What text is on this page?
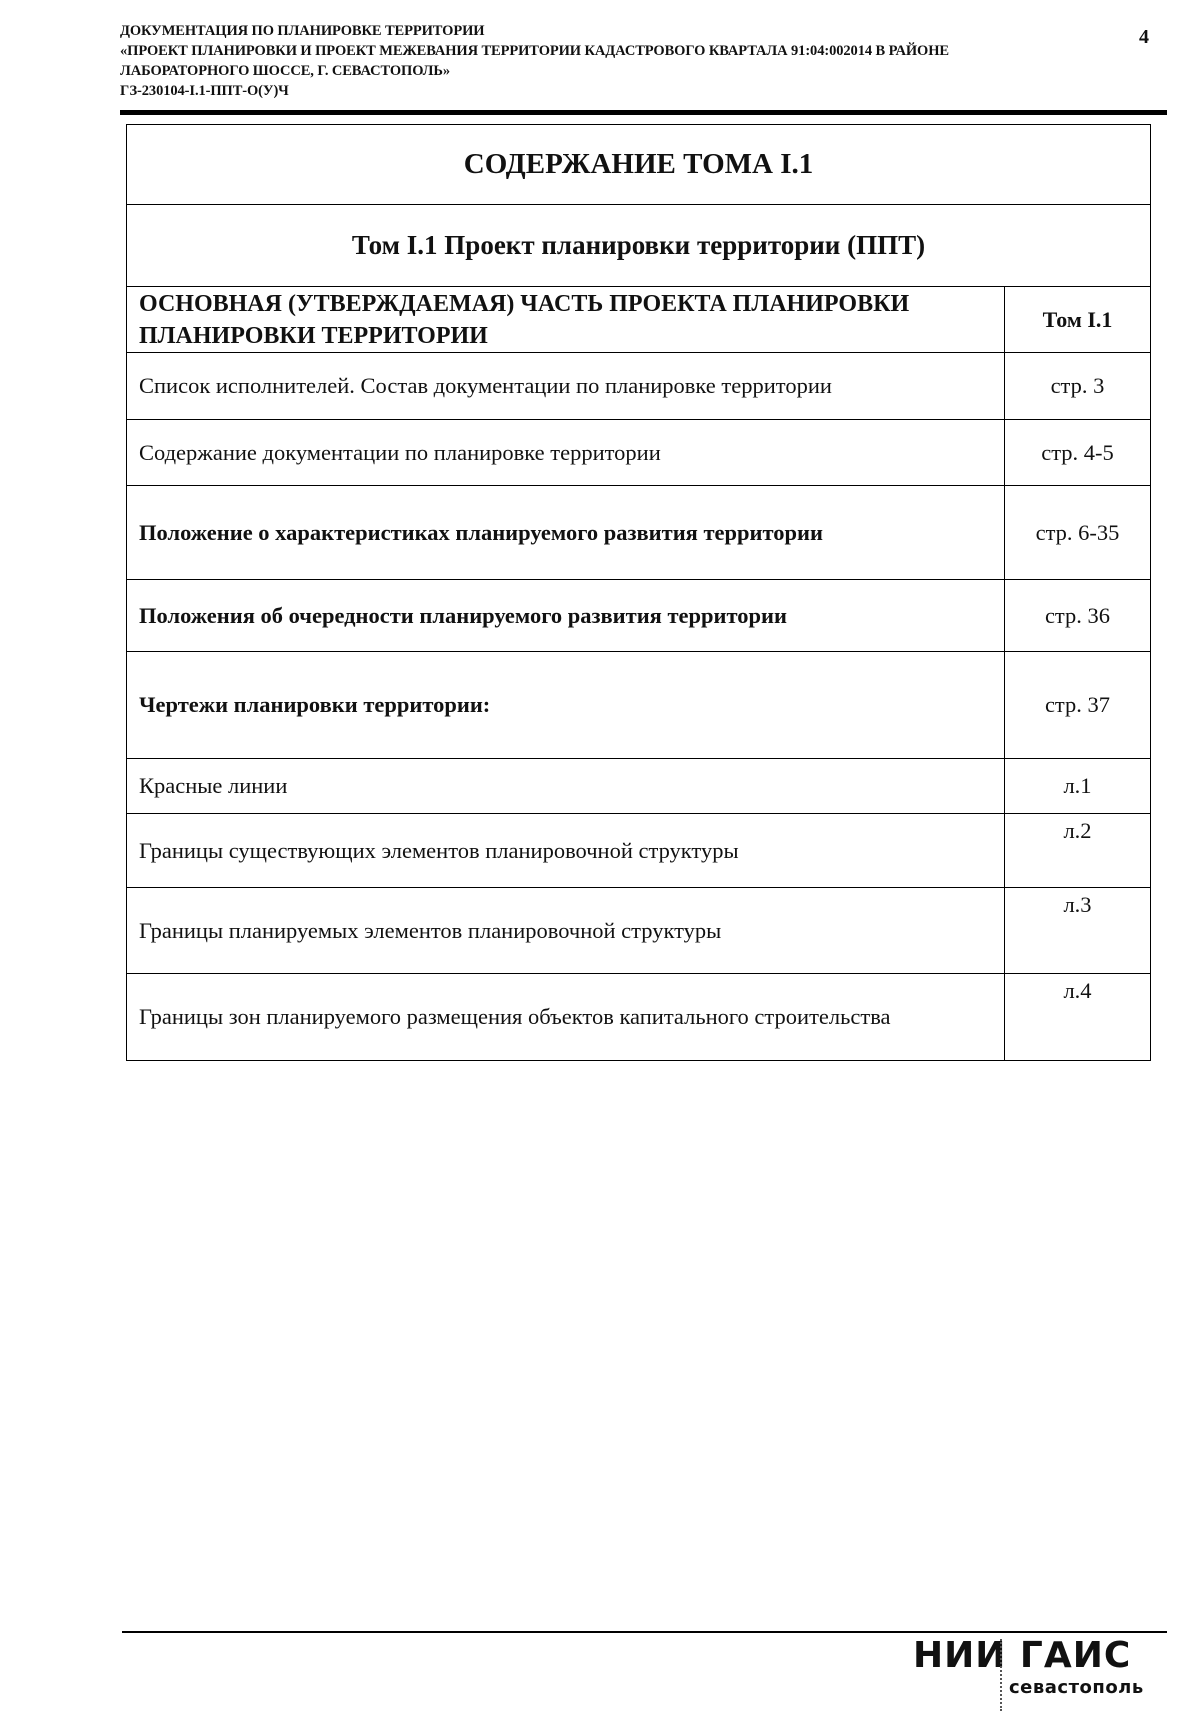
ДОКУМЕНТАЦИЯ ПО ПЛАНИРОВКЕ ТЕРРИТОРИИ
«ПРОЕКТ ПЛАНИРОВКИ И ПРОЕКТ МЕЖЕВАНИЯ ТЕРРИТОРИИ КАДАСТРОВОГО КВАРТАЛА 91:04:002014 В РАЙОНЕ
ЛАБОРАТОРНОГО ШОССЕ, Г. СЕВАСТОПОЛЬ»
ГЗ-230104-I.1-ППТ-О(У)Ч
4
СОДЕРЖАНИЕ ТОМА I.1	
Том I.1 Проект планировки территории (ППТ)	
ОСНОВНАЯ (УТВЕРЖДАЕМАЯ) ЧАСТЬ ПРОЕКТА ПЛАНИРОВКИ ПЛАНИРОВКИ ТЕРРИТОРИИ	Том I.1
Список исполнителей. Состав документации по планировке территории	стр. 3
Содержание документации по планировке территории	стр. 4-5
Положение о характеристиках планируемого развития территории	стр. 6-35
Положения об очередности планируемого развития территории	стр. 36
Чертежи планировки территории:	стр. 37
Красные линии	л.1
Границы существующих элементов планировочной структуры	л.2
Границы планируемых элементов планировочной структуры	л.3
Границы зон планируемого размещения объектов капитального строительства	л.4
НИИ ГАИС
севастополь
